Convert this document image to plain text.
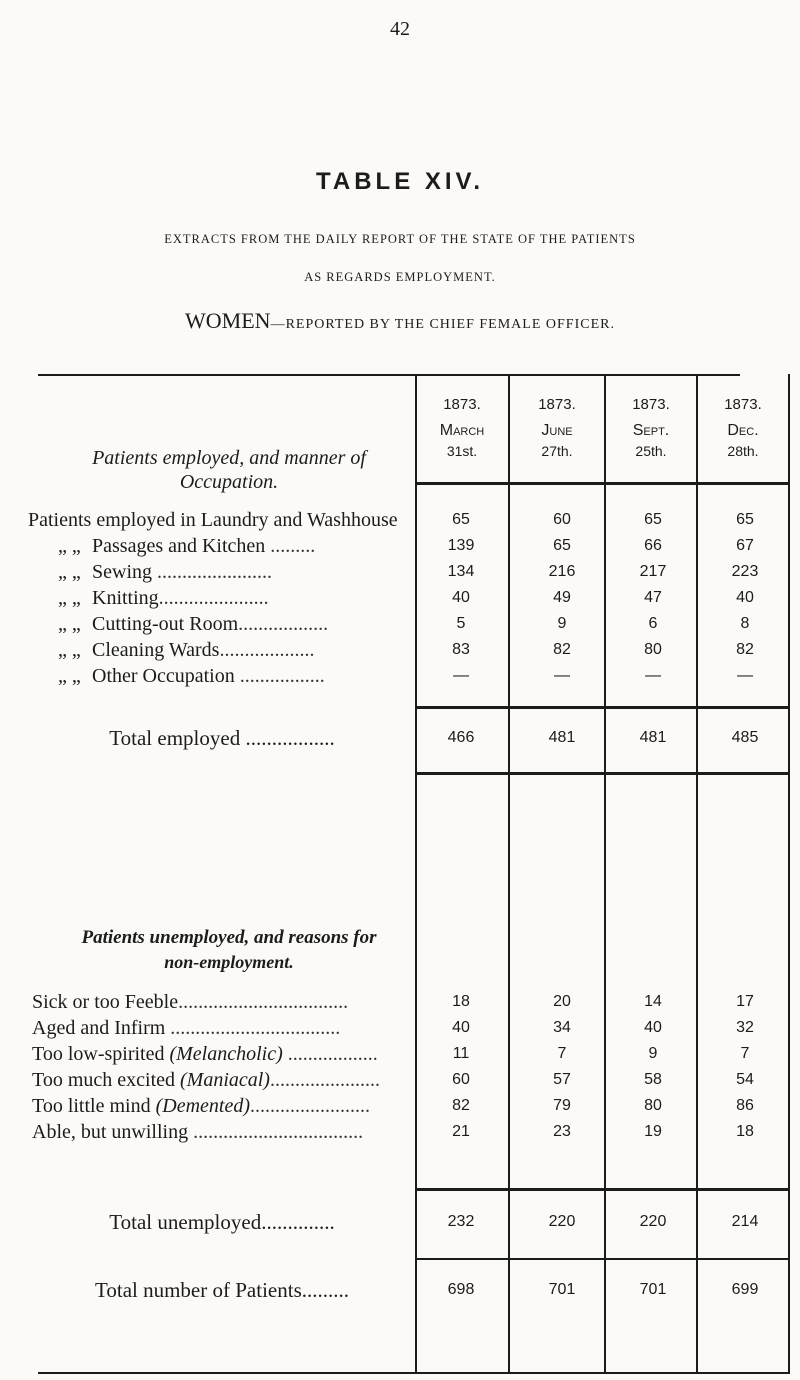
42
TABLE XIV.
EXTRACTS FROM THE DAILY REPORT OF THE STATE OF THE PATIENTS
AS REGARDS EMPLOYMENT.
WOMEN—REPORTED BY THE CHIEF FEMALE OFFICER.
Patients employed, and manner of
Occupation.
1873.
March
31st.
1873.
June
27th.
1873.
Sept.
25th.
1873.
Dec.
28th.
Patients employed in Laundry and Washhouse	65	60	65	65
„ „ Passages and Kitchen .........	139	65	66	67
„ „ Sewing .......................	134	216	217	223
„ „ Knitting......................	40	49	47	40
„ „ Cutting-out Room..................	5	9	6	8
„ „ Cleaning Wards...................	83	82	80	82
„ „ Other Occupation .................	—	—	—	—
Total employed .................	466	481	481	485
Patients unemployed, and reasons for
non-employment.
Sick or too Feeble..................................	18	20	14	17
Aged and Infirm ..................................	40	34	40	32
Too low-spirited (Melancholic) ..................	11	7	9	7
Too much excited (Maniacal)......................	60	57	58	54
Too little mind (Demented)........................	82	79	80	86
Able, but unwilling ..................................	21	23	19	18
Total unemployed..............	232	220	220	214
Total number of Patients.........	698	701	701	699
